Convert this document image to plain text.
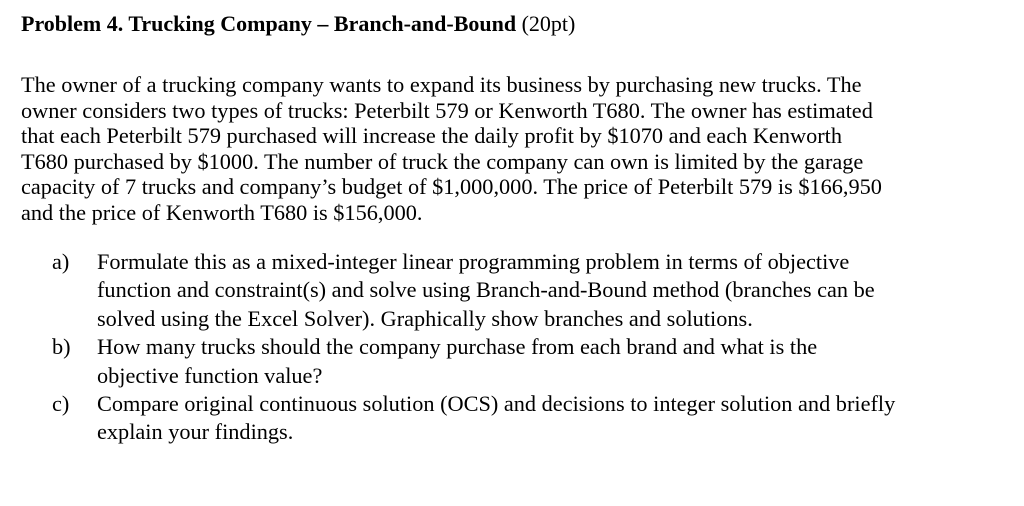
Problem 4. Trucking Company – Branch-and-Bound (20pt)
The owner of a trucking company wants to expand its business by purchasing new trucks. The
owner considers two types of trucks: Peterbilt 579 or Kenworth T680. The owner has estimated
that each Peterbilt 579 purchased will increase the daily profit by $1070 and each Kenworth
T680 purchased by $1000. The number of truck the company can own is limited by the garage
capacity of 7 trucks and company’s budget of $1,000,000. The price of Peterbilt 579 is $166,950
and the price of Kenworth T680 is $156,000.
a) Formulate this as a mixed-integer linear programming problem in terms of objective
function and constraint(s) and solve using Branch-and-Bound method (branches can be
solved using the Excel Solver). Graphically show branches and solutions.
b) How many trucks should the company purchase from each brand and what is the
objective function value?
c) Compare original continuous solution (OCS) and decisions to integer solution and briefly
explain your findings.
